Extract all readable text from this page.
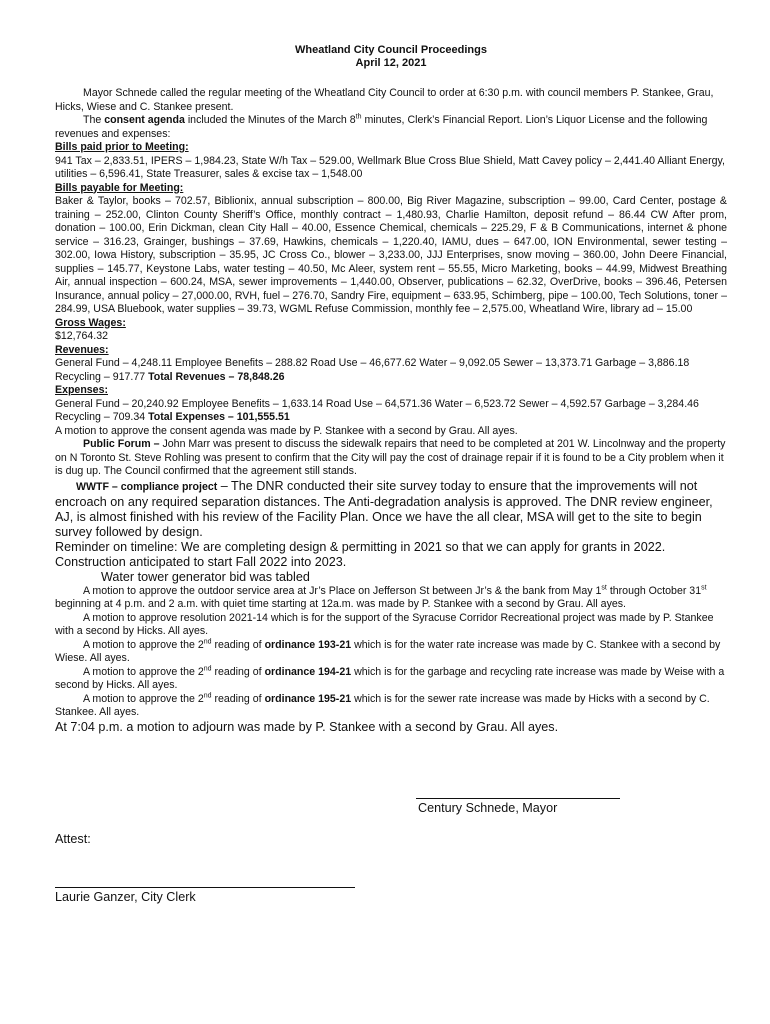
Wheatland City Council Proceedings
April 12, 2021

Mayor Schnede called the regular meeting of the Wheatland City Council to order at 6:30 p.m. with council members P. Stankee, Grau, Hicks, Wiese and C. Stankee present.

The consent agenda included the Minutes of the March 8th minutes, Clerk’s Financial Report. Lion’s Liquor License and the following revenues and expenses:

Bills paid prior to Meeting:

941 Tax – 2,833.51, IPERS – 1,984.23, State W/h Tax – 529.00, Wellmark Blue Cross Blue Shield, Matt Cavey policy – 2,441.40 Alliant Energy, utilities – 6,596.41, State Treasurer, sales & excise tax – 1,548.00

Bills payable for Meeting:

Baker & Taylor, books – 702.57, Biblionix, annual subscription – 800.00, Big River Magazine, subscription – 99.00, Card Center, postage & training – 252.00, Clinton County Sheriff’s Office, monthly contract – 1,480.93, Charlie Hamilton, deposit refund – 86.44 CW After prom, donation – 100.00, Erin Dickman, clean City Hall – 40.00, Essence Chemical, chemicals – 225.29, F & B Communications, internet & phone service – 316.23, Grainger, bushings – 37.69, Hawkins, chemicals – 1,220.40, IAMU, dues – 647.00, ION Environmental, sewer testing – 302.00, Iowa History, subscription – 35.95, JC Cross Co., blower – 3,233.00, JJJ Enterprises, snow moving – 360.00, John Deere Financial, supplies – 145.77, Keystone Labs, water testing – 40.50, Mc Aleer, system rent – 55.55, Micro Marketing, books – 44.99, Midwest Breathing Air, annual inspection – 600.24, MSA, sewer improvements – 1,440.00, Observer, publications – 62.32, OverDrive, books – 396.46, Petersen Insurance, annual policy – 27,000.00, RVH, fuel – 276.70, Sandry Fire, equipment – 633.95, Schimberg, pipe – 100.00, Tech Solutions, toner – 284.99, USA Bluebook, water supplies – 39.73, WGML Refuse Commission, monthly fee – 2,575.00, Wheatland Wire, library ad – 15.00

Gross Wages:

$12,764.32

Revenues:

General Fund – 4,248.11 Employee Benefits – 288.82 Road Use – 46,677.62 Water – 9,092.05 Sewer – 13,373.71 Garbage – 3,886.18 Recycling – 917.77 Total Revenues – 78,848.26

Expenses:

General Fund – 20,240.92 Employee Benefits – 1,633.14 Road Use – 64,571.36 Water – 6,523.72 Sewer – 4,592.57 Garbage – 3,284.46 Recycling – 709.34 Total Expenses – 101,555.51

A motion to approve the consent agenda was made by P. Stankee with a second by Grau. All ayes.

Public Forum – John Marr was present to discuss the sidewalk repairs that need to be completed at 201 W. Lincolnway and the property on N Toronto St. Steve Rohling was present to confirm that the City will pay the cost of drainage repair if it is found to be a City problem when it is dug up. The Council confirmed that the agreement still stands.

WWTF – compliance project – The DNR conducted their site survey today to ensure that the improvements will not encroach on any required separation distances. The Anti-degradation analysis is approved. The DNR review engineer, AJ, is almost finished with his review of the Facility Plan. Once we have the all clear, MSA will get to the site to begin survey followed by design.

Reminder on timeline: We are completing design & permitting in 2021 so that we can apply for grants in 2022. Construction anticipated to start Fall 2022 into 2023.

Water tower generator bid was tabled

A motion to approve the outdoor service area at Jr’s Place on Jefferson St between Jr’s & the bank from May 1st through October 31st beginning at 4 p.m. and 2 a.m. with quiet time starting at 12a.m. was made by P. Stankee with a second by Grau. All ayes.

A motion to approve resolution 2021-14 which is for the support of the Syracuse Corridor Recreational project was made by P. Stankee with a second by Hicks. All ayes.

A motion to approve the 2nd reading of ordinance 193-21 which is for the water rate increase was made by C. Stankee with a second by Wiese. All ayes.

A motion to approve the 2nd reading of ordinance 194-21 which is for the garbage and recycling rate increase was made by Weise with a second by Hicks. All ayes.

A motion to approve the 2nd reading of ordinance 195-21 which is for the sewer rate increase was made by Hicks with a second by C. Stankee. All ayes.

At 7:04 p.m. a motion to adjourn was made by P. Stankee with a second by Grau. All ayes.

Century Schnede, Mayor
Attest:
Laurie Ganzer, City Clerk
